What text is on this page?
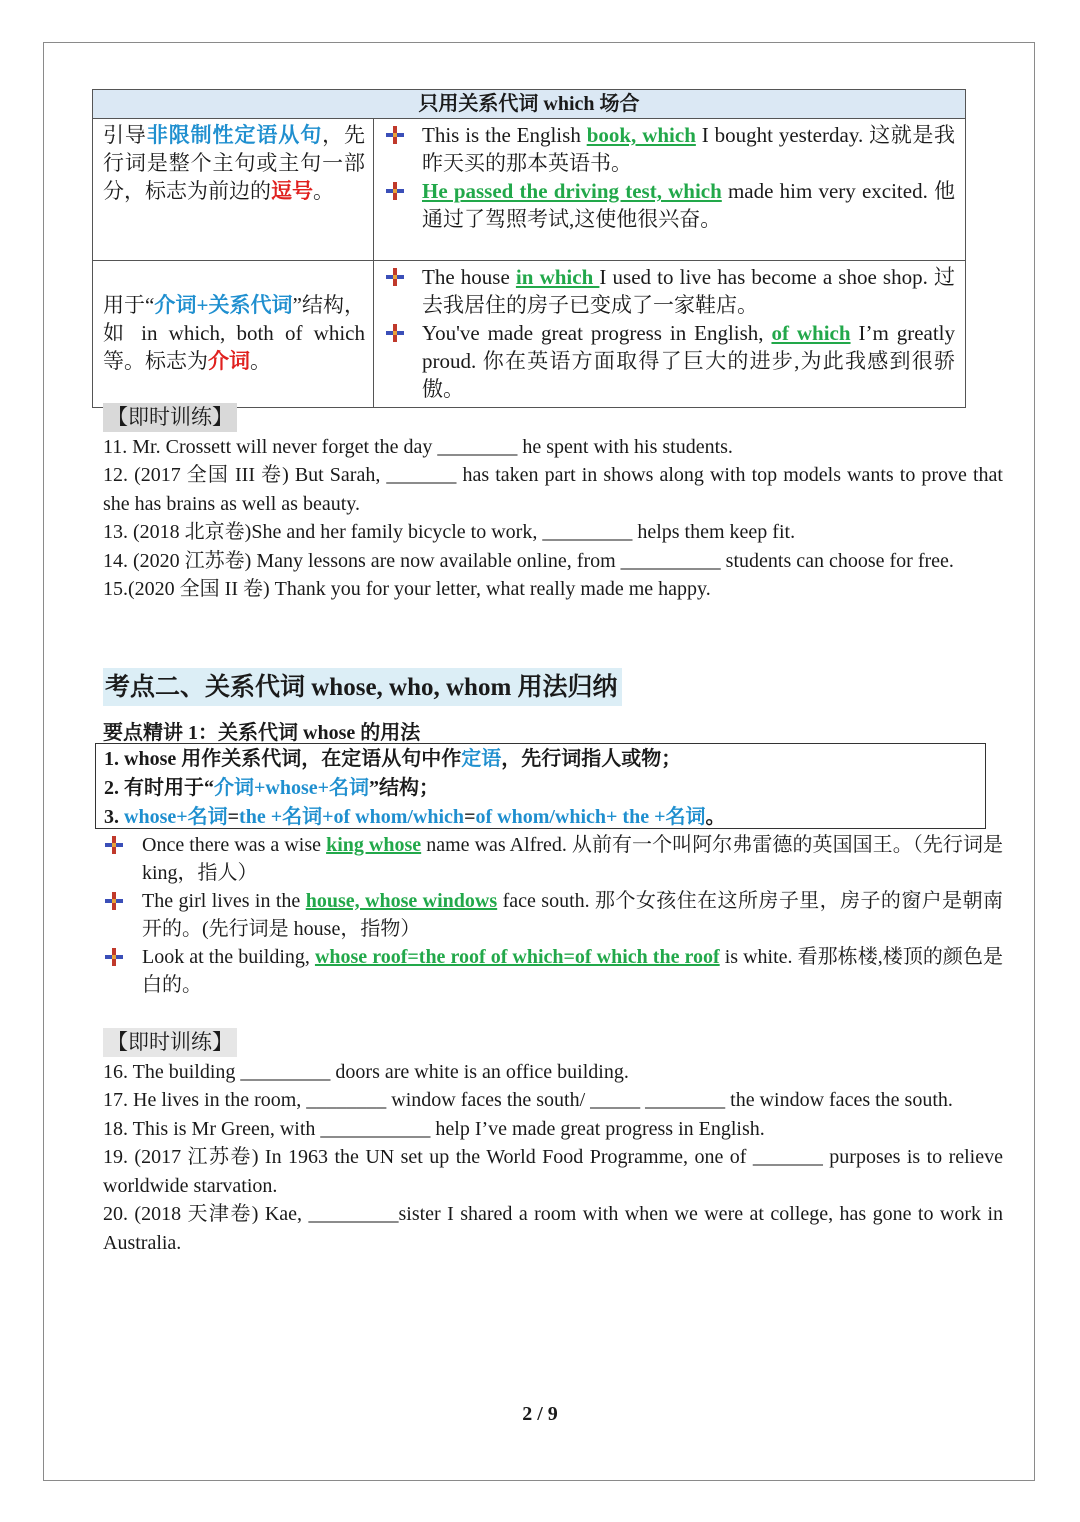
只用关系代词 which 场合	
引导非限制性定语从句，先行词是整个主句或主句一部分，标志为前边的逗号。	This is the English book, which I bought yesterday. 这就是我昨天买的那本英语书。
He passed the driving test, which made him very excited. 他通过了驾照考试,这使他很兴奋。

用于“介词+关系代词”结构，如 in which, both of which 等。标志为介词。	The house in which I used to live has become a shoe shop. 过去我居住的房子已变成了一家鞋店。
You've made great progress in English, of which I’m greatly proud. 你在英语方面取得了巨大的进步,为此我感到很骄傲。

【即时训练】

11. Mr. Crossett will never forget the day ________ he spent with his students.

12. (2017 全国 III 卷) But Sarah, _______ has taken part in shows along with top models wants to prove that she has brains as well as beauty.

13. (2018 北京卷)She and her family bicycle to work, _________ helps them keep fit.

14. (2020 江苏卷) Many lessons are now available online, from __________ students can choose for free.

15.(2020 全国 II 卷) Thank you for your letter, what really made me happy.

考点二、关系代词 whose, who, whom 用法归纳
要点精讲 1：关系代词 whose 的用法
1. whose 用作关系代词，在定语从句中作定语，先行词指人或物；
2. 有时用于“介词+whose+名词”结构；
3. whose+名词=the +名词+of whom/which=of whom/which+ the +名词。
Once there was a wise king whose name was Alfred. 从前有一个叫阿尔弗雷德的英国国王。（先行词是 king，指人）
The girl lives in the house, whose windows face south. 那个女孩住在这所房子里，房子的窗户是朝南开的。(先行词是 house，指物）
Look at the building, whose roof=the roof of which=of which the roof is white. 看那栋楼,楼顶的颜色是白的。

【即时训练】

16. The building _________ doors are white is an office building.

17. He lives in the room, ________ window faces the south/ _____ ________ the window faces the south.

18. This is Mr Green, with ___________ help I’ve made great progress in English.

19. (2017 江苏卷) In 1963 the UN set up the World Food Programme, one of _______ purposes is to relieve worldwide starvation.

20. (2018 天津卷) Kae, _________sister I shared a room with when we were at college, has gone to work in Australia.

2 / 9
